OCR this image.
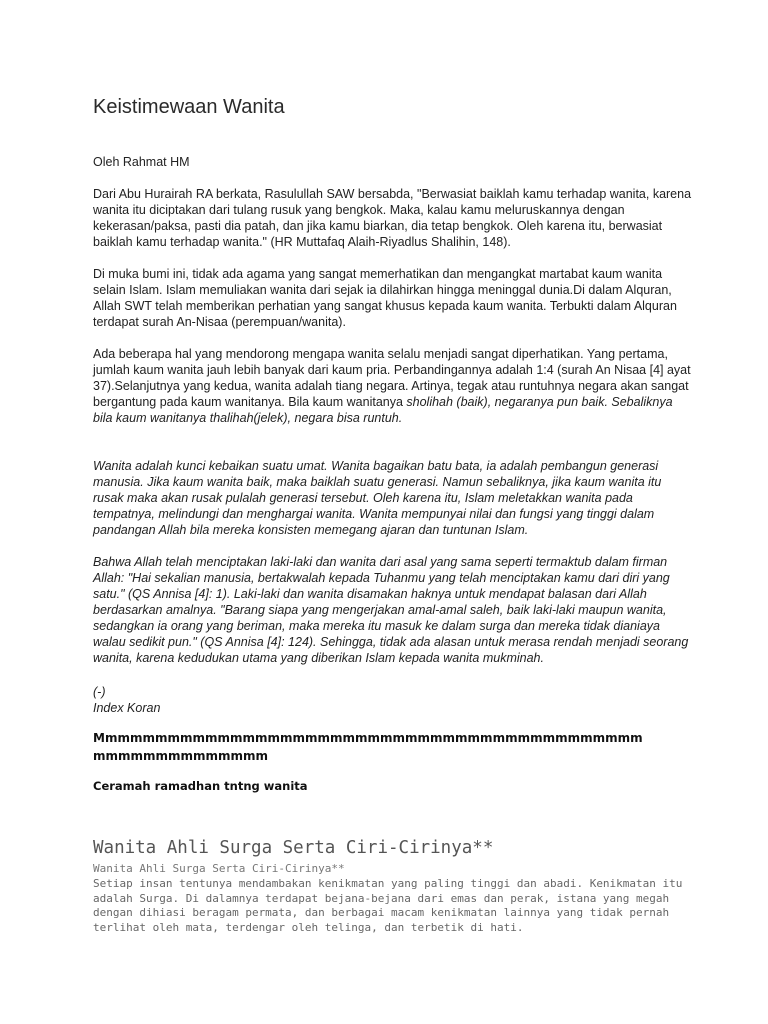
Keistimewaan Wanita

Oleh Rahmat HM

Dari Abu Hurairah RA berkata, Rasulullah SAW bersabda, "Berwasiat baiklah kamu terhadap wanita, karena wanita itu diciptakan dari tulang rusuk yang bengkok. Maka, kalau kamu meluruskannya dengan kekerasan/paksa, pasti dia patah, dan jika kamu biarkan, dia tetap bengkok. Oleh karena itu, berwasiat baiklah kamu terhadap wanita." (HR Muttafaq Alaih-Riyadlus Shalihin, 148).

Di muka bumi ini, tidak ada agama yang sangat memerhatikan dan mengangkat martabat kaum wanita selain Islam. Islam memuliakan wanita dari sejak ia dilahirkan hingga meninggal dunia.Di dalam Alquran, Allah SWT telah memberikan perhatian yang sangat khusus kepada kaum wanita. Terbukti dalam Alquran terdapat surah An-Nisaa (perempuan/wanita).

Ada beberapa hal yang mendorong mengapa wanita selalu menjadi sangat diperhatikan. Yang pertama, jumlah kaum wanita jauh lebih banyak dari kaum pria. Perbandingannya adalah 1:4 (surah An Nisaa [4] ayat 37).Selanjutnya yang kedua, wanita adalah tiang negara. Artinya, tegak atau runtuhnya negara akan sangat bergantung pada kaum wanitanya. Bila kaum wanitanya sholihah (baik), negaranya pun baik. Sebaliknya bila kaum wanitanya thalihah(jelek), negara bisa runtuh.

Wanita adalah kunci kebaikan suatu umat. Wanita bagaikan batu bata, ia adalah pembangun generasi manusia. Jika kaum wanita baik, maka baiklah suatu generasi. Namun sebaliknya, jika kaum wanita itu rusak maka akan rusak pulalah generasi tersebut. Oleh karena itu, Islam meletakkan wanita pada tempatnya, melindungi dan menghargai wanita. Wanita mempunyai nilai dan fungsi yang tinggi dalam pandangan Allah bila mereka konsisten memegang ajaran dan tuntunan Islam.

Bahwa Allah telah menciptakan laki-laki dan wanita dari asal yang sama seperti termaktub dalam firman Allah: "Hai sekalian manusia, bertakwalah kepada Tuhanmu yang telah menciptakan kamu dari diri yang satu." (QS Annisa [4]: 1). Laki-laki dan wanita disamakan haknya untuk mendapat balasan dari Allah berdasarkan amalnya. "Barang siapa yang mengerjakan amal-amal saleh, baik laki-laki maupun wanita, sedangkan ia orang yang beriman, maka mereka itu masuk ke dalam surga dan mereka tidak dianiaya walau sedikit pun." (QS Annisa [4]: 124). Sehingga, tidak ada alasan untuk merasa rendah menjadi seorang wanita, karena kedudukan utama yang diberikan Islam kepada wanita mukminah.

(-)
Index Koran

Mmmmmmmmmmmmmmmmmmmmmmmmmmmmmmmmmmmmmmmmmmmmmmmmmmmmmmmmmm

Ceramah ramadhan tntng wanita

Wanita Ahli Surga Serta Ciri-Cirinya**

Wanita Ahli Surga Serta Ciri-Cirinya**

Setiap insan tentunya mendambakan kenikmatan yang paling tinggi dan abadi. Kenikmatan itu adalah Surga. Di dalamnya terdapat bejana-bejana dari emas dan perak, istana yang megah dengan dihiasi beragam permata, dan berbagai macam kenikmatan lainnya yang tidak pernah terlihat oleh mata, terdengar oleh telinga, dan terbetik di hati.
